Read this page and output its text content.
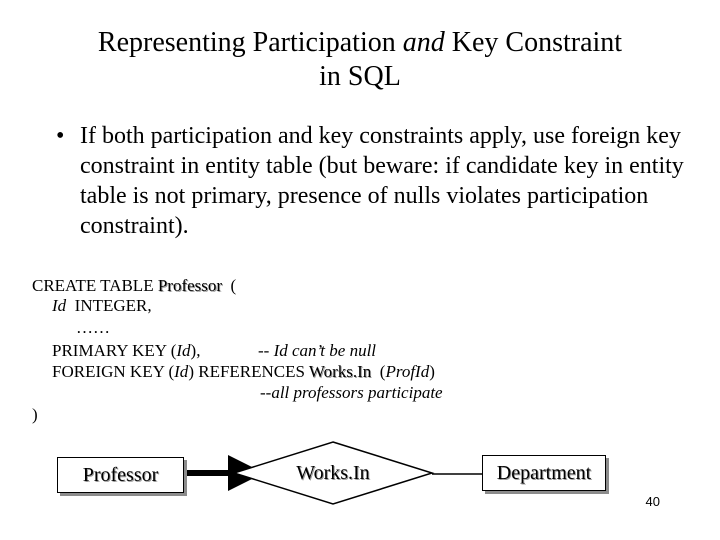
Representing Participation and Key Constraint
in SQL
• If both participation and key constraints apply, use foreign key constraint in entity table (but beware: if candidate key in entity table is not primary, presence of nulls violates participation constraint).
CREATE TABLE Professor  (
Id  INTEGER,
……
PRIMARY KEY (Id),	-- Id can’t be null
FOREIGN KEY (Id) REFERENCES Works.In  (ProfId)
--all professors participate
)
Professor	Works.In	Department
40
